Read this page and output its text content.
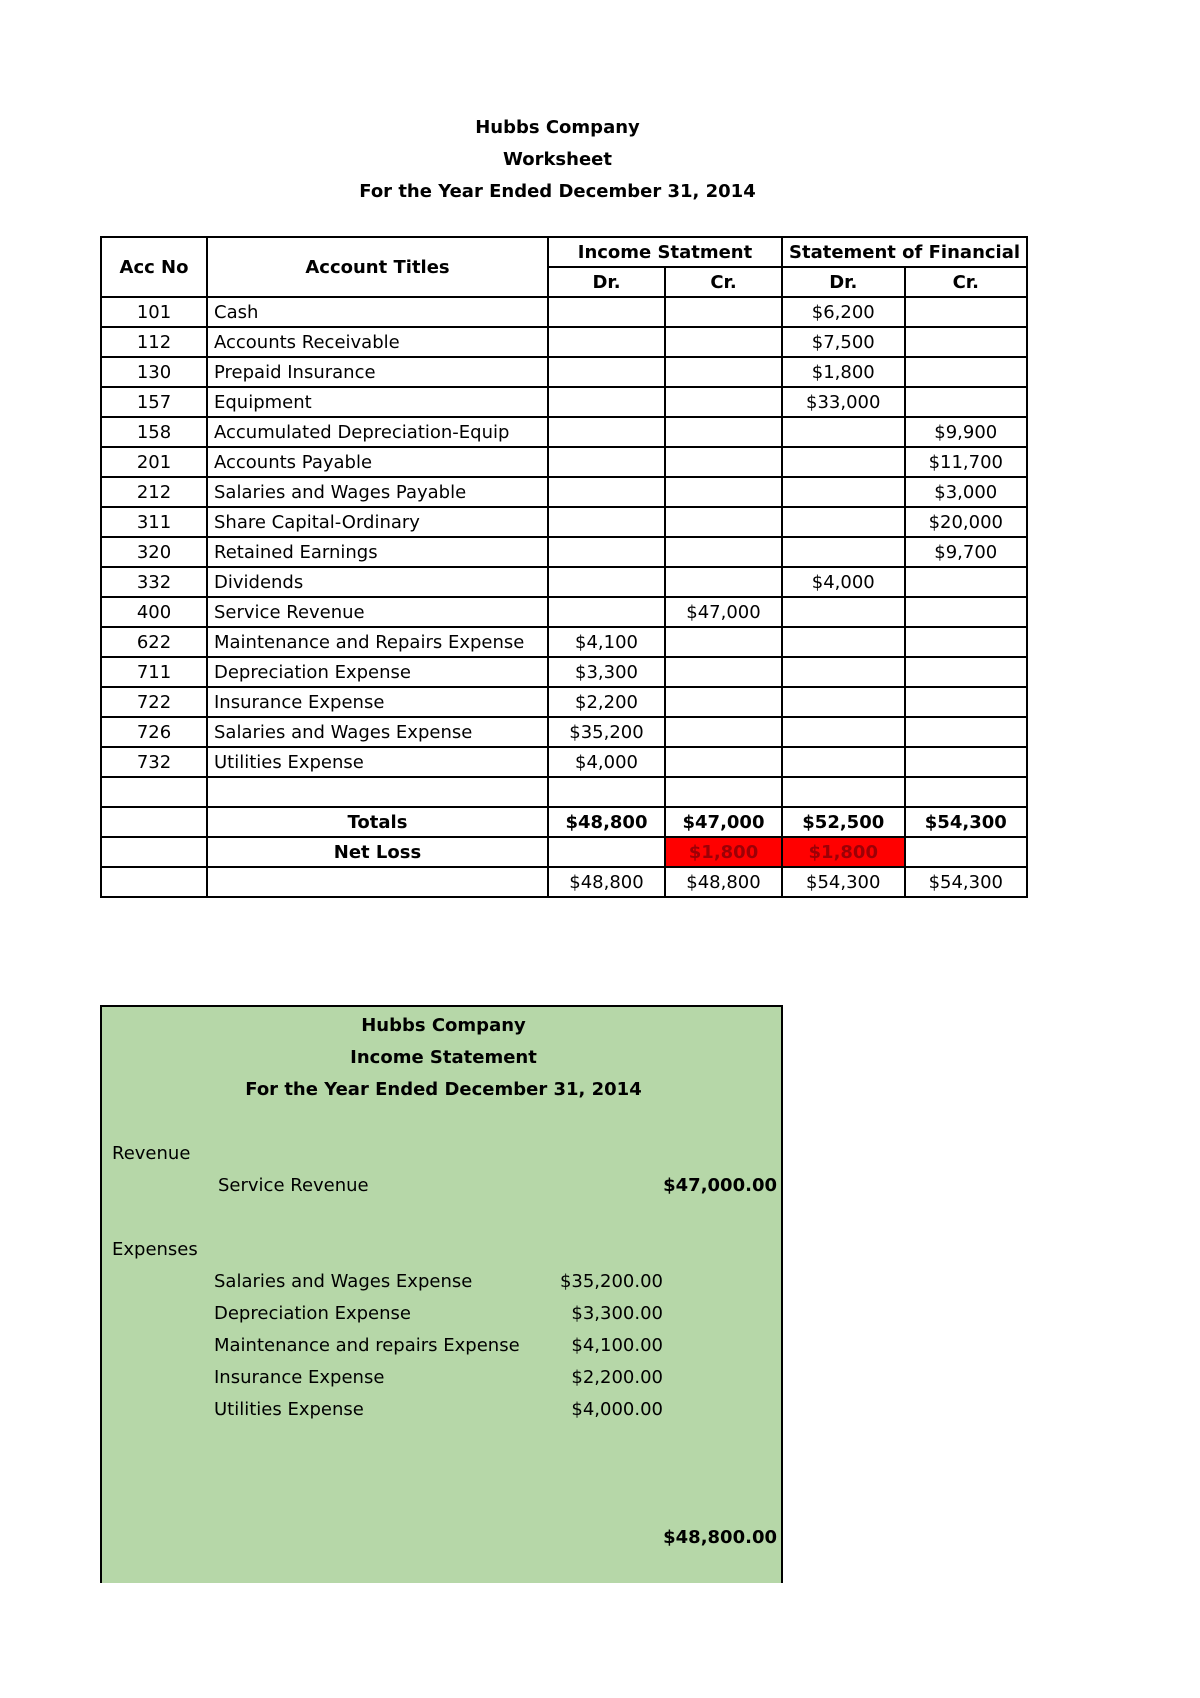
Hubbs Company
Worksheet
For the Year Ended December 31, 2014
Acc No	Account Titles	Income Statment		Statement of Financial	
		Dr.	Cr.	Dr.	Cr.
101	Cash			$6,200	
112	Accounts Receivable			$7,500	
130	Prepaid Insurance			$1,800	
157	Equipment			$33,000	
158	Accumulated Depreciation-Equip				$9,900
201	Accounts Payable				$11,700
212	Salaries and Wages Payable				$3,000
311	Share Capital-Ordinary				$20,000
320	Retained Earnings				$9,700
332	Dividends			$4,000	
400	Service Revenue		$47,000		
622	Maintenance and Repairs Expense	$4,100			
711	Depreciation Expense	$3,300			
722	Insurance Expense	$2,200			
726	Salaries and Wages Expense	$35,200			
732	Utilities Expense	$4,000			

	Totals	$48,800	$47,000	$52,500	$54,300
	Net Loss		$1,800	$1,800	
		$48,800	$48,800	$54,300	$54,300
Hubbs Company
Income Statement
For the Year Ended December 31, 2014
Revenue
Service Revenue	$47,000.00
Expenses
Salaries and Wages Expense	$35,200.00
Depreciation Expense	$3,300.00
Maintenance and repairs Expense	$4,100.00
Insurance Expense	$2,200.00
Utilities Expense	$4,000.00
$48,800.00
